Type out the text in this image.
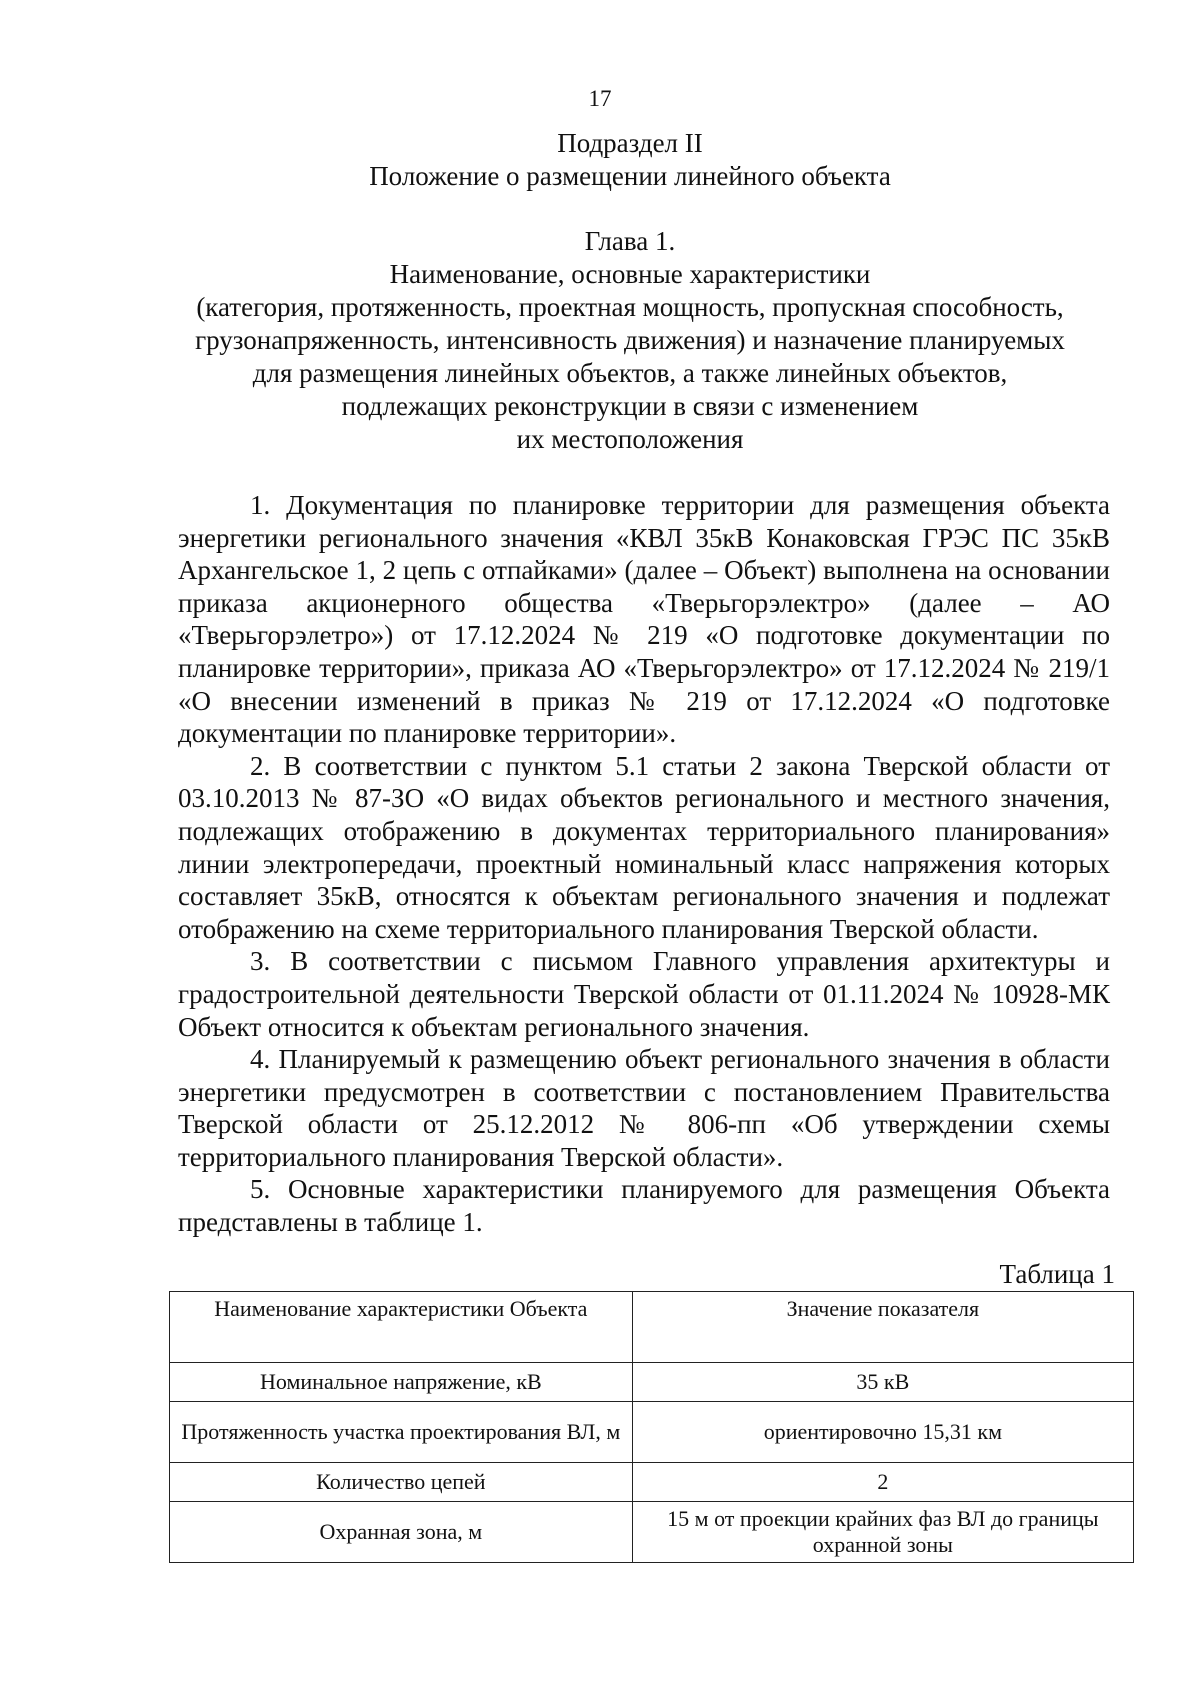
17
Подраздел II
Положение о размещении линейного объекта
Глава 1.
Наименование, основные характеристики
(категория, протяженность, проектная мощность, пропускная способность,
грузонапряженность, интенсивность движения) и назначение планируемых
для размещения линейных объектов, а также линейных объектов,
подлежащих реконструкции в связи с изменением
их местоположения

1. Документация по планировке территории для размещения объекта энергетики регионального значения «КВЛ 35кВ Конаковская ГРЭС ПС 35кВ Архангельское 1, 2 цепь с отпайками» (далее – Объект) выполнена на основании приказа акционерного общества «Тверьгорэлектро» (далее – АО «Тверьгорэлетро») от 17.12.2024 № 219 «О подготовке документации по планировке территории», приказа АО «Тверьгорэлектро» от 17.12.2024 № 219/1 «О внесении изменений в приказ № 219 от 17.12.2024 «О подготовке документации по планировке территории».

2. В соответствии с пунктом 5.1 статьи 2 закона Тверской области от 03.10.2013 № 87-ЗО «О видах объектов регионального и местного значения, подлежащих отображению в документах территориального планирования» линии электропередачи, проектный номинальный класс напряжения которых составляет 35кВ, относятся к объектам регионального значения и подлежат отображению на схеме территориального планирования Тверской области.

3. В соответствии с письмом Главного управления архитектуры и градостроительной деятельности Тверской области от 01.11.2024 № 10928-МК Объект относится к объектам регионального значения.

4. Планируемый к размещению объект регионального значения в области энергетики предусмотрен в соответствии с постановлением Правительства Тверской области от 25.12.2012 № 806-пп «Об утверждении схемы территориального планирования Тверской области».

5. Основные характеристики планируемого для размещения Объекта представлены в таблице 1.

Таблица 1
Наименование характеристики Объекта	Значение показателя
Номинальное напряжение, кВ	35 кВ
Протяженность участка проектирования ВЛ, м	ориентировочно 15,31 км
Количество цепей	2
Охранная зона, м	15 м от проекции крайних фаз ВЛ до границы охранной зоны
